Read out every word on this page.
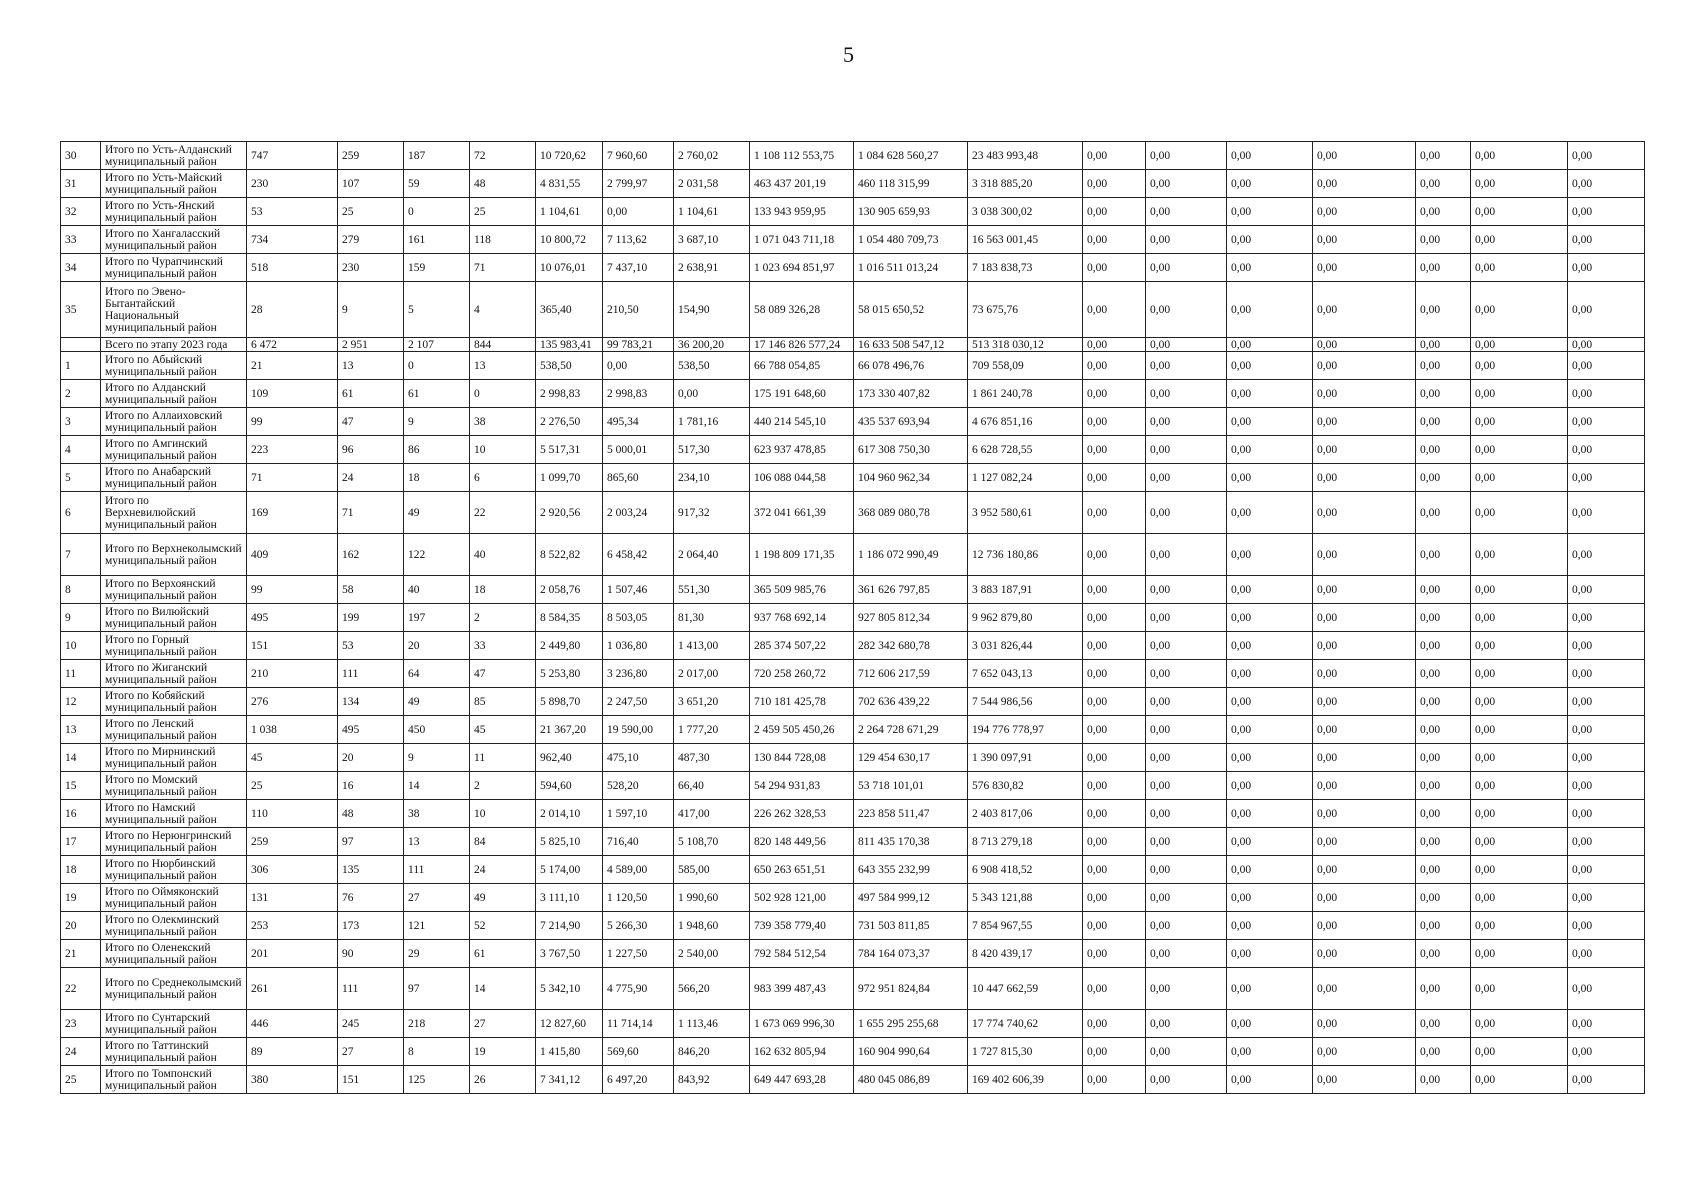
5
30	Итого по Усть-Алданский муниципальный район	747	259	187	72	10 720,62	7 960,60	2 760,02	1 108 112 553,75	1 084 628 560,27	23 483 993,48	0,00	0,00	0,00	0,00	0,00	0,00	0,00
31	Итого по Усть-Майский муниципальный район	230	107	59	48	4 831,55	2 799,97	2 031,58	463 437 201,19	460 118 315,99	3 318 885,20	0,00	0,00	0,00	0,00	0,00	0,00	0,00
32	Итого по Усть-Янский муниципальный район	53	25	0	25	1 104,61	0,00	1 104,61	133 943 959,95	130 905 659,93	3 038 300,02	0,00	0,00	0,00	0,00	0,00	0,00	0,00
33	Итого по Хангаласский муниципальный район	734	279	161	118	10 800,72	7 113,62	3 687,10	1 071 043 711,18	1 054 480 709,73	16 563 001,45	0,00	0,00	0,00	0,00	0,00	0,00	0,00
34	Итого по Чурапчинский муниципальный район	518	230	159	71	10 076,01	7 437,10	2 638,91	1 023 694 851,97	1 016 511 013,24	7 183 838,73	0,00	0,00	0,00	0,00	0,00	0,00	0,00
35	Итого по Эвено-Бытантайский Национальный муниципальный район	28	9	5	4	365,40	210,50	154,90	58 089 326,28	58 015 650,52	73 675,76	0,00	0,00	0,00	0,00	0,00	0,00	0,00
	Всего по этапу 2023 года	6 472	2 951	2 107	844	135 983,41	99 783,21	36 200,20	17 146 826 577,24	16 633 508 547,12	513 318 030,12	0,00	0,00	0,00	0,00	0,00	0,00	0,00
1	Итого по Абыйский муниципальный район	21	13	0	13	538,50	0,00	538,50	66 788 054,85	66 078 496,76	709 558,09	0,00	0,00	0,00	0,00	0,00	0,00	0,00
2	Итого по Алданский муниципальный район	109	61	61	0	2 998,83	2 998,83	0,00	175 191 648,60	173 330 407,82	1 861 240,78	0,00	0,00	0,00	0,00	0,00	0,00	0,00
3	Итого по Аллаиховский муниципальный район	99	47	9	38	2 276,50	495,34	1 781,16	440 214 545,10	435 537 693,94	4 676 851,16	0,00	0,00	0,00	0,00	0,00	0,00	0,00
4	Итого по Амгинский муниципальный район	223	96	86	10	5 517,31	5 000,01	517,30	623 937 478,85	617 308 750,30	6 628 728,55	0,00	0,00	0,00	0,00	0,00	0,00	0,00
5	Итого по Анабарский муниципальный район	71	24	18	6	1 099,70	865,60	234,10	106 088 044,58	104 960 962,34	1 127 082,24	0,00	0,00	0,00	0,00	0,00	0,00	0,00
6	Итого по Верхневилюйский муниципальный район	169	71	49	22	2 920,56	2 003,24	917,32	372 041 661,39	368 089 080,78	3 952 580,61	0,00	0,00	0,00	0,00	0,00	0,00	0,00
7	Итого по Верхнеколымский муниципальный район	409	162	122	40	8 522,82	6 458,42	2 064,40	1 198 809 171,35	1 186 072 990,49	12 736 180,86	0,00	0,00	0,00	0,00	0,00	0,00	0,00
8	Итого по Верхоянский муниципальный район	99	58	40	18	2 058,76	1 507,46	551,30	365 509 985,76	361 626 797,85	3 883 187,91	0,00	0,00	0,00	0,00	0,00	0,00	0,00
9	Итого по Вилюйский муниципальный район	495	199	197	2	8 584,35	8 503,05	81,30	937 768 692,14	927 805 812,34	9 962 879,80	0,00	0,00	0,00	0,00	0,00	0,00	0,00
10	Итого по Горный муниципальный район	151	53	20	33	2 449,80	1 036,80	1 413,00	285 374 507,22	282 342 680,78	3 031 826,44	0,00	0,00	0,00	0,00	0,00	0,00	0,00
11	Итого по Жиганский муниципальный район	210	111	64	47	5 253,80	3 236,80	2 017,00	720 258 260,72	712 606 217,59	7 652 043,13	0,00	0,00	0,00	0,00	0,00	0,00	0,00
12	Итого по Кобяйский муниципальный район	276	134	49	85	5 898,70	2 247,50	3 651,20	710 181 425,78	702 636 439,22	7 544 986,56	0,00	0,00	0,00	0,00	0,00	0,00	0,00
13	Итого по Ленский муниципальный район	1 038	495	450	45	21 367,20	19 590,00	1 777,20	2 459 505 450,26	2 264 728 671,29	194 776 778,97	0,00	0,00	0,00	0,00	0,00	0,00	0,00
14	Итого по Мирнинский муниципальный район	45	20	9	11	962,40	475,10	487,30	130 844 728,08	129 454 630,17	1 390 097,91	0,00	0,00	0,00	0,00	0,00	0,00	0,00
15	Итого по Момский муниципальный район	25	16	14	2	594,60	528,20	66,40	54 294 931,83	53 718 101,01	576 830,82	0,00	0,00	0,00	0,00	0,00	0,00	0,00
16	Итого по Намский муниципальный район	110	48	38	10	2 014,10	1 597,10	417,00	226 262 328,53	223 858 511,47	2 403 817,06	0,00	0,00	0,00	0,00	0,00	0,00	0,00
17	Итого по Нерюнгринский муниципальный район	259	97	13	84	5 825,10	716,40	5 108,70	820 148 449,56	811 435 170,38	8 713 279,18	0,00	0,00	0,00	0,00	0,00	0,00	0,00
18	Итого по Нюрбинский муниципальный район	306	135	111	24	5 174,00	4 589,00	585,00	650 263 651,51	643 355 232,99	6 908 418,52	0,00	0,00	0,00	0,00	0,00	0,00	0,00
19	Итого по Оймяконский муниципальный район	131	76	27	49	3 111,10	1 120,50	1 990,60	502 928 121,00	497 584 999,12	5 343 121,88	0,00	0,00	0,00	0,00	0,00	0,00	0,00
20	Итого по Олекминский муниципальный район	253	173	121	52	7 214,90	5 266,30	1 948,60	739 358 779,40	731 503 811,85	7 854 967,55	0,00	0,00	0,00	0,00	0,00	0,00	0,00
21	Итого по Оленекский муниципальный район	201	90	29	61	3 767,50	1 227,50	2 540,00	792 584 512,54	784 164 073,37	8 420 439,17	0,00	0,00	0,00	0,00	0,00	0,00	0,00
22	Итого по Среднеколымский муниципальный район	261	111	97	14	5 342,10	4 775,90	566,20	983 399 487,43	972 951 824,84	10 447 662,59	0,00	0,00	0,00	0,00	0,00	0,00	0,00
23	Итого по Сунтарский муниципальный район	446	245	218	27	12 827,60	11 714,14	1 113,46	1 673 069 996,30	1 655 295 255,68	17 774 740,62	0,00	0,00	0,00	0,00	0,00	0,00	0,00
24	Итого по Таттинский муниципальный район	89	27	8	19	1 415,80	569,60	846,20	162 632 805,94	160 904 990,64	1 727 815,30	0,00	0,00	0,00	0,00	0,00	0,00	0,00
25	Итого по Томпонский муниципальный район	380	151	125	26	7 341,12	6 497,20	843,92	649 447 693,28	480 045 086,89	169 402 606,39	0,00	0,00	0,00	0,00	0,00	0,00	0,00
